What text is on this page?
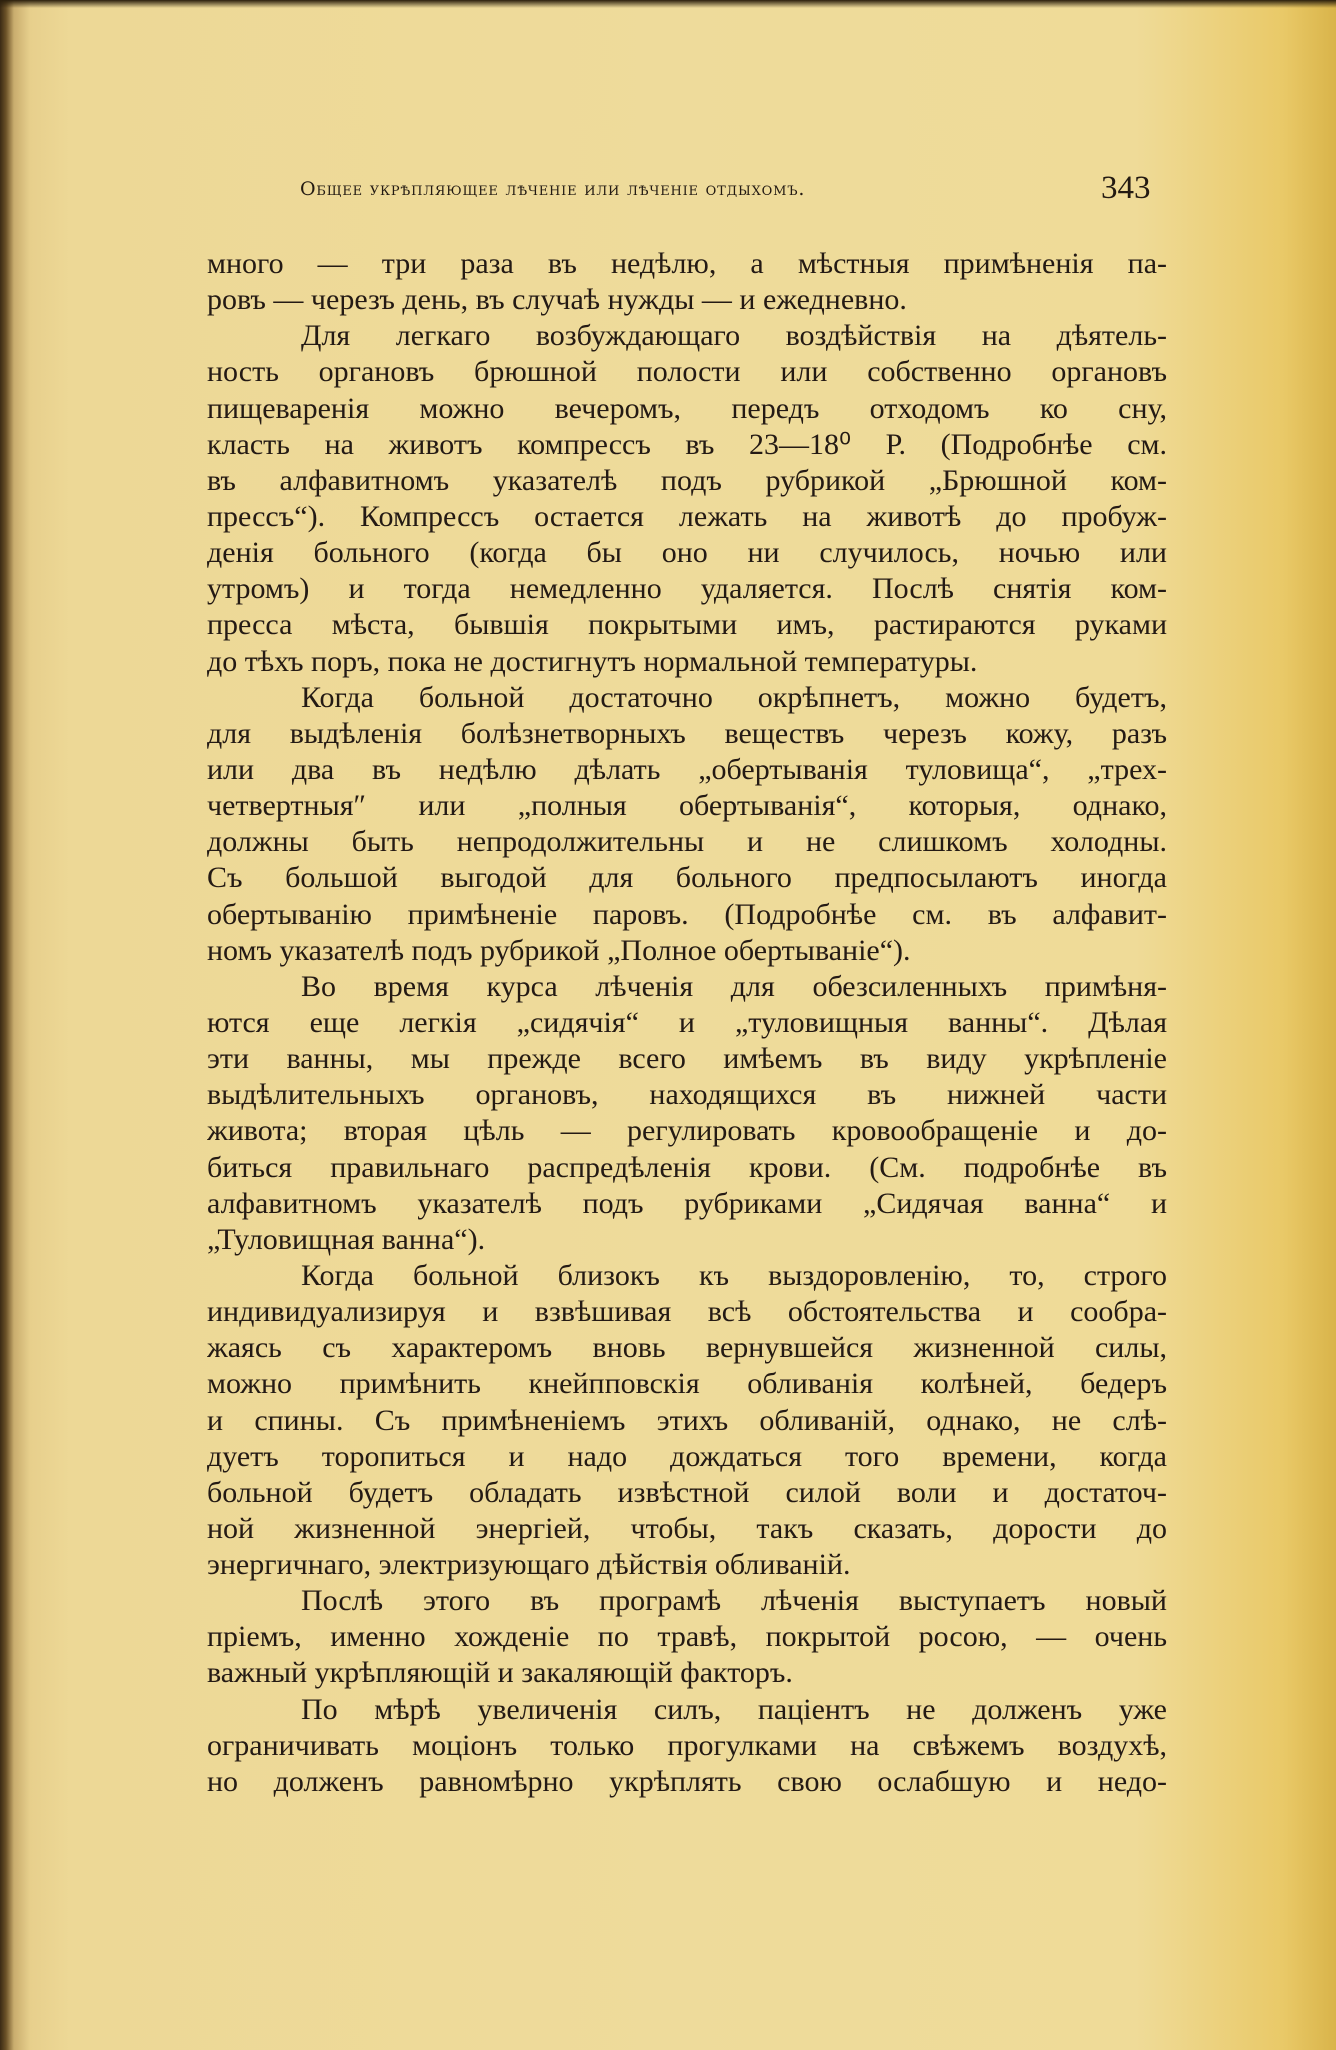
Общее укрѣпляющее лѣченіе или лѣченіе отдыхомъ.	343
много — три раза въ недѣлю, а мѣстныя примѣненія па-
ровъ — черезъ день, въ случаѣ нужды — и ежедневно.
Для легкаго возбуждающаго воздѣйствія на дѣятель-
ность органовъ брюшной полости или собственно органовъ
пищеваренія можно вечеромъ, передъ отходомъ ко сну,
класть на животъ компрессъ въ 23—18⁰ Р. (Подробнѣе см.
въ алфавитномъ указателѣ подъ рубрикой „Брюшной ком-
прессъ“). Компрессъ остается лежать на животѣ до пробуж-
денія больного (когда бы оно ни случилось, ночью или
утромъ) и тогда немедленно удаляется. Послѣ снятія ком-
пресса мѣста, бывшія покрытыми имъ, растираются руками
до тѣхъ поръ, пока не достигнутъ нормальной температуры.
Когда больной достаточно окрѣпнетъ, можно будетъ,
для выдѣленія болѣзнетворныхъ веществъ черезъ кожу, разъ
или два въ недѣлю дѣлать „обертыванія туловища“, „трех-
четвертныя″ или „полныя обертыванія“, которыя, однако,
должны быть непродолжительны и не слишкомъ холодны.
Съ большой выгодой для больного предпосылаютъ иногда
обертыванію примѣненіе паровъ. (Подробнѣе см. въ алфавит-
номъ указателѣ подъ рубрикой „Полное обертываніе“).
Во время курса лѣченія для обезсиленныхъ примѣня-
ются еще легкія „сидячія“ и „туловищныя ванны“. Дѣлая
эти ванны, мы прежде всего имѣемъ въ виду укрѣпленіе
выдѣлительныхъ органовъ, находящихся въ нижней части
живота; вторая цѣль — регулировать кровообращеніе и до-
биться правильнаго распредѣленія крови. (См. подробнѣе въ
алфавитномъ указателѣ подъ рубриками „Сидячая ванна“ и
„Туловищная ванна“).
Когда больной близокъ къ выздоровленію, то, строго
индивидуализируя и взвѣшивая всѣ обстоятельства и сообра-
жаясь съ характеромъ вновь вернувшейся жизненной силы,
можно примѣнить кнейпповскія обливанія колѣней, бедеръ
и спины. Съ примѣненіемъ этихъ обливаній, однако, не слѣ-
дуетъ торопиться и надо дождаться того времени, когда
больной будетъ обладать извѣстной силой воли и достаточ-
ной жизненной энергіей, чтобы, такъ сказать, дорости до
энергичнаго, электризующаго дѣйствія обливаній.
Послѣ этого въ програмѣ лѣченія выступаетъ новый
пріемъ, именно хожденіе по травѣ, покрытой росою, — очень
важный укрѣпляющій и закаляющій факторъ.
По мѣрѣ увеличенія силъ, паціентъ не долженъ уже
ограничивать моціонъ только прогулками на свѣжемъ воздухѣ,
но долженъ равномѣрно укрѣплять свою ослабшую и недо-
